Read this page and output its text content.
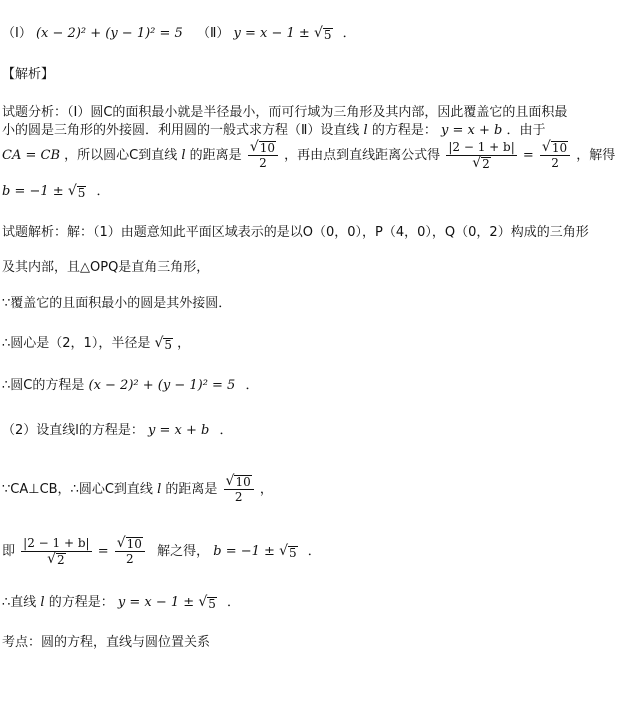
（Ⅰ） (x − 2)² + (y − 1)² = 5 （Ⅱ） y = x − 1 ± √ 5 ．
【解析】
试题分析：（Ⅰ）圆C的面积最小就是半径最小，而可行域为三角形及其内部，因此覆盖它的且面积最
小的圆是三角形的外接圆．利用圆的一般式求方程（Ⅱ）设直线 l 的方程是： y = x + b ．由于
CA = CB ，所以圆心C到直线 l 的距离是 $\frac{√ 10}{2}$ ，再由点到直线距离公式得 $\frac{|2 - 1 + b|}{√ 2} = \frac{√ 10}{2}$ ，解得
b = −1 ± √ 5 ．
试题解析：解：（1）由题意知此平面区域表示的是以O（0，0），P（4，0），Q（0，2）构成的三角形
及其内部，且△OPQ是直角三角形，
∵覆盖它的且面积最小的圆是其外接圆．
∴圆心是（2，1），半径是 √ 5 ，
∴圆C的方程是 (x − 2)² + (y − 1)² = 5 ．
（2）设直线l的方程是： y = x + b ．
∵CA⊥CB，∴圆心C到直线 l 的距离是 $\frac{√ 10}{2}$ ，
即 $\frac{|2 - 1 + b|}{√ 2} = \frac{√ 10}{2}$ 解之得， b = −1 ± √ 5 ．
∴直线 l 的方程是： y = x − 1 ± √ 5 ．
考点：圆的方程，直线与圆位置关系
